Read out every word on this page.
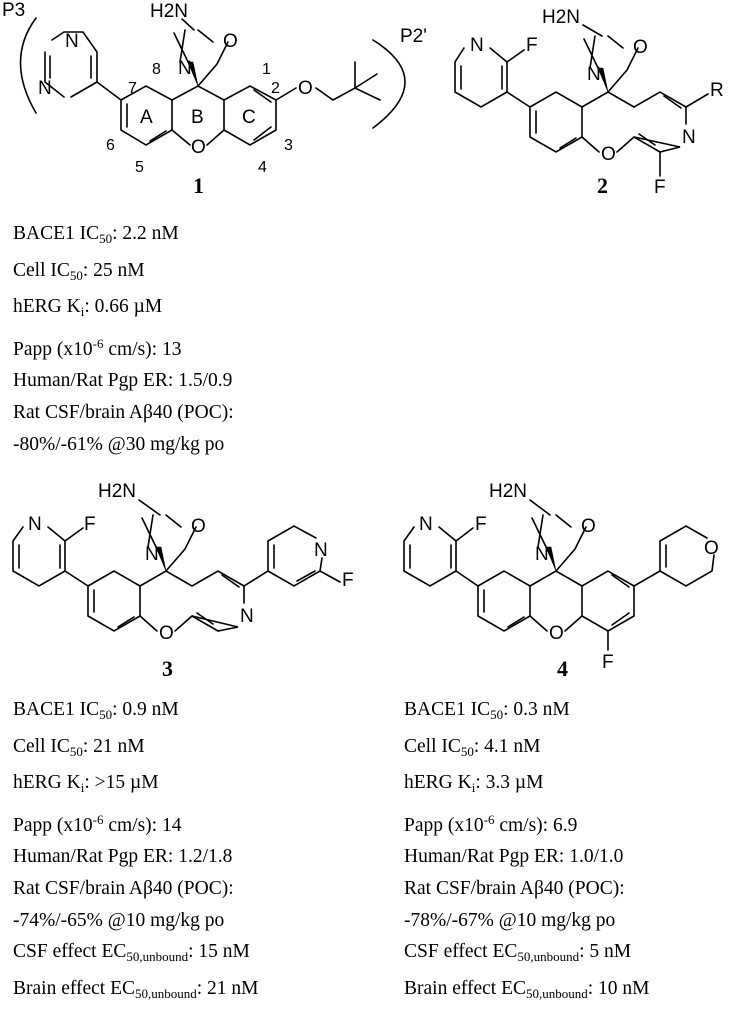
P3
P2'
N
N
O
O
H2N
N
O
A B C
1
2
3
4
5
6
7
8
1
N F
O
R
N
F
H2N
N
O
2
N F
O
N
H2N
N
O
N
F
3
N F
O
F
H2N
N
O
O
4
BACE1 $IC_{50}$: 2.2 nM
Cell $IC_{50}$: 25 nM
hERG $K_i$: 0.66 µM
Papp ($x10^{-6}$ cm/s): 13
Human/Rat Pgp ER: 1.5/0.9
Rat CSF/brain Aβ40 (POC):
-80%/-61% @30 mg/kg po
BACE1 $IC_{50}$: 0.9 nM
Cell $IC_{50}$: 21 nM
hERG $K_i$: >15 µM
Papp ($x10^{-6}$ cm/s): 14
Human/Rat Pgp ER: 1.2/1.8
Rat CSF/brain Aβ40 (POC):
-74%/-65% @10 mg/kg po
CSF effect $EC_{50,unbound}$: 15 nM
Brain effect $EC_{50,unbound}$: 21 nM
BACE1 $IC_{50}$: 0.3 nM
Cell $IC_{50}$: 4.1 nM
hERG $K_i$: 3.3 µM
Papp ($x10^{-6}$ cm/s): 6.9
Human/Rat Pgp ER: 1.0/1.0
Rat CSF/brain Aβ40 (POC):
-78%/-67% @10 mg/kg po
CSF effect $EC_{50,unbound}$: 5 nM
Brain effect $EC_{50,unbound}$: 10 nM
